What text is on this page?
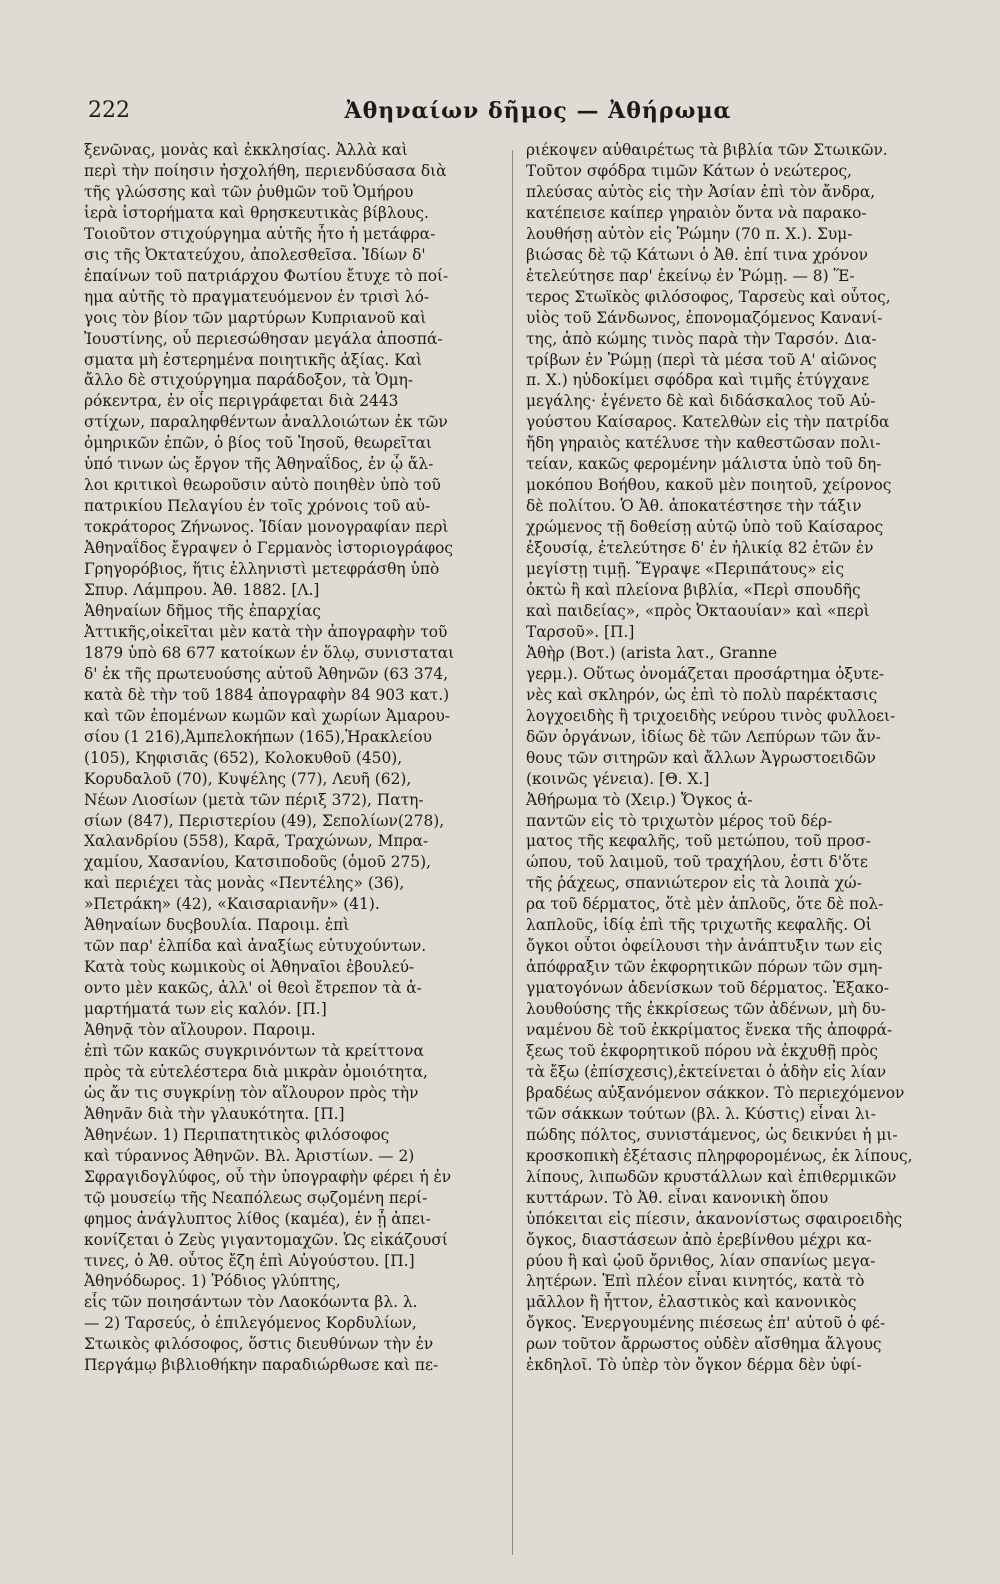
222	Ἀθηναίων δῆμος — Ἀθήρωμα
ξενῶνας, μονὰς καὶ ἐκκλησίας. Ἀλλὰ καὶ
περὶ τὴν ποίησιν ἠσχολήθη, περιενδύσασα διὰ
τῆς γλώσσης καὶ τῶν ῥυθμῶν τοῦ Ὁμήρου
ἱερὰ ἱστορήματα καὶ θρησκευτικὰς βίβλους.
Τοιοῦτον στιχούργημα αὐτῆς ἦτο ἡ μετάφρα-
σις τῆς Ὀκτατεύχου, ἀπολεσθεῖσα. Ἰδίων δ'
ἐπαίνων τοῦ πατριάρχου Φωτίου ἔτυχε τὸ ποί-
ημα αὐτῆς τὸ πραγματευόμενον ἐν τρισὶ λό-
γοις τὸν βίον τῶν μαρτύρων Κυπριανοῦ καὶ
Ἰουστίνης, οὗ περιεσώθησαν μεγάλα ἀποσπά-
σματα μὴ ἐστερημένα ποιητικῆς ἀξίας. Καὶ
ἄλλο δὲ στιχούργημα παράδοξον, τὰ Ὁμη-
ρόκεντρα, ἐν οἷς περιγράφεται διὰ 2443
στίχων, παραληφθέντων ἀναλλοιώτων ἐκ τῶν
ὁμηρικῶν ἐπῶν, ὁ βίος τοῦ Ἰησοῦ, θεωρεῖται
ὑπό τινων ὡς ἔργον τῆς Ἀθηναΐδος, ἐν ᾧ ἄλ-
λοι κριτικοὶ θεωροῦσιν αὐτὸ ποιηθὲν ὑπὸ τοῦ
πατρικίου Πελαγίου ἐν τοῖς χρόνοις τοῦ αὐ-
τοκράτορος Ζήνωνος. Ἰδίαν μονογραφίαν περὶ
Ἀθηναΐδος ἔγραψεν ὁ Γερμανὸς ἱστοριογράφος
Γρηγορόβιος, ἥτις ἑλληνιστὶ μετεφράσθη ὑπὸ
Σπυρ. Λάμπρου. Ἀθ. 1882. [Λ.]
Ἀθηναίων δῆμος τῆς ἐπαρχίας
Ἀττικῆς,οἰκεῖται μὲν κατὰ τὴν ἀπογραφὴν τοῦ
1879 ὑπὸ 68 677 κατοίκων ἐν ὅλῳ, συνισταται
δ' ἐκ τῆς πρωτευούσης αὐτοῦ Ἀθηνῶν (63 374,
κατὰ δὲ τὴν τοῦ 1884 ἀπογραφὴν 84 903 κατ.)
καὶ τῶν ἑπομένων κωμῶν καὶ χωρίων Ἀμαρου-
σίου (1 216),Ἀμπελοκήπων (165),Ἡρακλείου
(105), Κηφισιᾶς (652), Κολοκυθοῦ (450),
Κορυδαλοῦ (70), Κυψέλης (77), Λευῆ (62),
Νέων Λιοσίων (μετὰ τῶν πέριξ 372), Πατη-
σίων (847), Περιστερίου (49), Σεπολίων(278),
Χαλανδρίου (558), Καρᾶ, Τραχώνων, Μπρα-
χαμίου, Χασανίου, Κατσιποδοῦς (ὁμοῦ 275),
καὶ περιέχει τὰς μονὰς «Πεντέλης» (36),
»Πετράκη» (42), «Καισαριανῆν» (41).
Ἀθηναίων δυςβουλία. Παροιμ. ἐπὶ
τῶν παρ' ἐλπίδα καὶ ἀναξίως εὐτυχούντων.
Κατὰ τοὺς κωμικοὺς οἱ Ἀθηναῖοι ἐβουλεύ-
οντο μὲν κακῶς, ἀλλ' οἱ θεοὶ ἔτρεπον τὰ ἁ-
μαρτήματά των εἰς καλόν. [Π.]
Ἀθηνᾷ τὸν αἴλουρον. Παροιμ.
ἐπὶ τῶν κακῶς συγκρινόντων τὰ κρείττονα
πρὸς τὰ εὐτελέστερα διὰ μικρὰν ὁμοιότητα,
ὡς ἄν τις συγκρίνῃ τὸν αἴλουρον πρὸς τὴν
Ἀθηνᾶν διὰ τὴν γλαυκότητα. [Π.]
Ἀθηνέων. 1) Περιπατητικὸς φιλόσοφος
καὶ τύραννος Ἀθηνῶν. Βλ. Ἀριστίων. — 2)
Σφραγιδογλύφος, οὗ τὴν ὑπογραφὴν φέρει ἡ ἐν
τῷ μουσείῳ τῆς Νεαπόλεως σῳζομένη περί-
φημος ἀνάγλυπτος λίθος (καμέα), ἐν ᾗ ἀπει-
κονίζεται ὁ Ζεὺς γιγαντομαχῶν. Ὡς εἰκάζουσί
τινες, ὁ Ἀθ. οὗτος ἔζη ἐπὶ Αὐγούστου. [Π.]
Ἀθηνόδωρος. 1) Ῥόδιος γλύπτης,
εἷς τῶν ποιησάντων τὸν Λαοκόωντα βλ. λ.
— 2) Ταρσεύς, ὁ ἐπιλεγόμενος Κορδυλίων,
Στωικὸς φιλόσοφος, ὅστις διευθύνων τὴν ἐν
Περγάμῳ βιβλιοθήκην παραδιώρθωσε καὶ πε-
ριέκοψεν αὐθαιρέτως τὰ βιβλία τῶν Στωικῶν.
Τοῦτον σφόδρα τιμῶν Κάτων ὁ νεώτερος,
πλεύσας αὐτὸς εἰς τὴν Ἀσίαν ἐπὶ τὸν ἄνδρα,
κατέπεισε καίπερ γηραιὸν ὄντα νὰ παρακο-
λουθήσῃ αὐτὸν εἰς Ῥώμην (70 π. Χ.). Συμ-
βιώσας δὲ τῷ Κάτωνι ὁ Ἀθ. ἐπί τινα χρόνον
ἐτελεύτησε παρ' ἐκείνῳ ἐν Ῥώμῃ. — 8) Ἕ-
τερος Στωϊκὸς φιλόσοφος, Ταρσεὺς καὶ οὗτος,
υἱὸς τοῦ Σάνδωνος, ἐπονομαζόμενος Κανανί-
της, ἀπὸ κώμης τινὸς παρὰ τὴν Ταρσόν. Δια-
τρίβων ἐν Ῥώμῃ (περὶ τὰ μέσα τοῦ Α' αἰῶνος
π. Χ.) ηὐδοκίμει σφόδρα καὶ τιμῆς ἐτύγχανε
μεγάλης· ἐγένετο δὲ καὶ διδάσκαλος τοῦ Αὐ-
γούστου Καίσαρος. Κατελθὼν εἰς τὴν πατρίδα
ἤδη γηραιὸς κατέλυσε τὴν καθεστῶσαν πολι-
τείαν, κακῶς φερομένην μάλιστα ὑπὸ τοῦ δη-
μοκόπου Βοήθου, κακοῦ μὲν ποιητοῦ, χείρονος
δὲ πολίτου. Ὁ Ἀθ. ἀποκατέστησε τὴν τάξιν
χρώμενος τῇ δοθείσῃ αὐτῷ ὑπὸ τοῦ Καίσαρος
ἐξουσίᾳ, ἐτελεύτησε δ' ἐν ἡλικίᾳ 82 ἐτῶν ἐν
μεγίστῃ τιμῇ. Ἔγραψε «Περιπάτους» εἰς
ὀκτὼ ἢ καὶ πλείονα βιβλία, «Περὶ σπουδῆς
καὶ παιδείας», «πρὸς Ὀκταουίαν» καὶ «περὶ
Ταρσοῦ». [Π.]
Ἀθὴρ (Βοτ.) (arista λατ., Granne
γερμ.). Οὕτως ὀνομάζεται προσάρτημα ὀξυτε-
νὲς καὶ σκληρόν, ὡς ἐπὶ τὸ πολὺ παρέκτασις
λογχοειδὴς ἢ τριχοειδὴς νεύρου τινὸς φυλλοει-
δῶν ὀργάνων, ἰδίως δὲ τῶν Λεπύρων τῶν ἄν-
θους τῶν σιτηρῶν καὶ ἄλλων Ἀγρωστοειδῶν
(κοινῶς γένεια). [Θ. Χ.]
Ἀθήρωμα τὸ (Χειρ.) Ὄγκος ἁ-
παντῶν εἰς τὸ τριχωτὸν μέρος τοῦ δέρ-
ματος τῆς κεφαλῆς, τοῦ μετώπου, τοῦ προσ-
ώπου, τοῦ λαιμοῦ, τοῦ τραχήλου, ἐστι δ'ὅτε
τῆς ῥάχεως, σπανιώτερον εἰς τὰ λοιπὰ χώ-
ρα τοῦ δέρματος, ὅτὲ μὲν ἁπλοῦς, ὅτε δὲ πολ-
λαπλοῦς, ἰδίᾳ ἐπὶ τῆς τριχωτῆς κεφαλῆς. Οἱ
ὄγκοι οὗτοι ὀφείλουσι τὴν ἀνάπτυξιν των εἰς
ἀπόφραξιν τῶν ἐκφορητικῶν πόρων τῶν σμη-
γματογόνων ἀδενίσκων τοῦ δέρματος. Ἐξακο-
λουθούσης τῆς ἐκκρίσεως τῶν ἀδένων, μὴ δυ-
ναμένου δὲ τοῦ ἐκκρίματος ἕνεκα τῆς ἀποφρά-
ξεως τοῦ ἐκφορητικοῦ πόρου νὰ ἐκχυθῇ πρὸς
τὰ ἔξω (ἐπίσχεσις),ἐκτείνεται ὁ ἀδὴν εἰς λίαν
βραδέως αὐξανόμενον σάκκον. Τὸ περιεχόμενον
τῶν σάκκων τούτων (βλ. λ. Κύστις) εἶναι λι-
πώδης πόλτος, συνιστάμενος, ὡς δεικνύει ἡ μι-
κροσκοπικὴ ἐξέτασις πληρφορομένως, ἐκ λίπους,
λίπους, λιπωδῶν κρυστάλλων καὶ ἐπιθερμικῶν
κυττάρων. Τὸ Ἀθ. εἶναι κανονικὴ ὅπου
ὑπόκειται εἰς πίεσιν, ἀκανονίστως σφαιροειδὴς
ὄγκος, διαστάσεων ἀπὸ ἐρεβίνθου μέχρι κα-
ρύου ἢ καὶ ᾠοῦ ὄρνιθος, λίαν σπανίως μεγα-
λητέρων. Ἐπὶ πλέον εἶναι κινητός, κατὰ τὸ
μᾶλλον ἢ ἧττον, ἐλαστικὸς καὶ κανονικὸς
ὄγκος. Ἐνεργουμένης πιέσεως ἐπ' αὐτοῦ ὁ φέ-
ρων τοῦτον ἄρρωστος οὐδὲν αἴσθημα ἄλγους
ἐκδηλοῖ. Τὸ ὑπὲρ τὸν ὄγκον δέρμα δὲν ὑφί-
